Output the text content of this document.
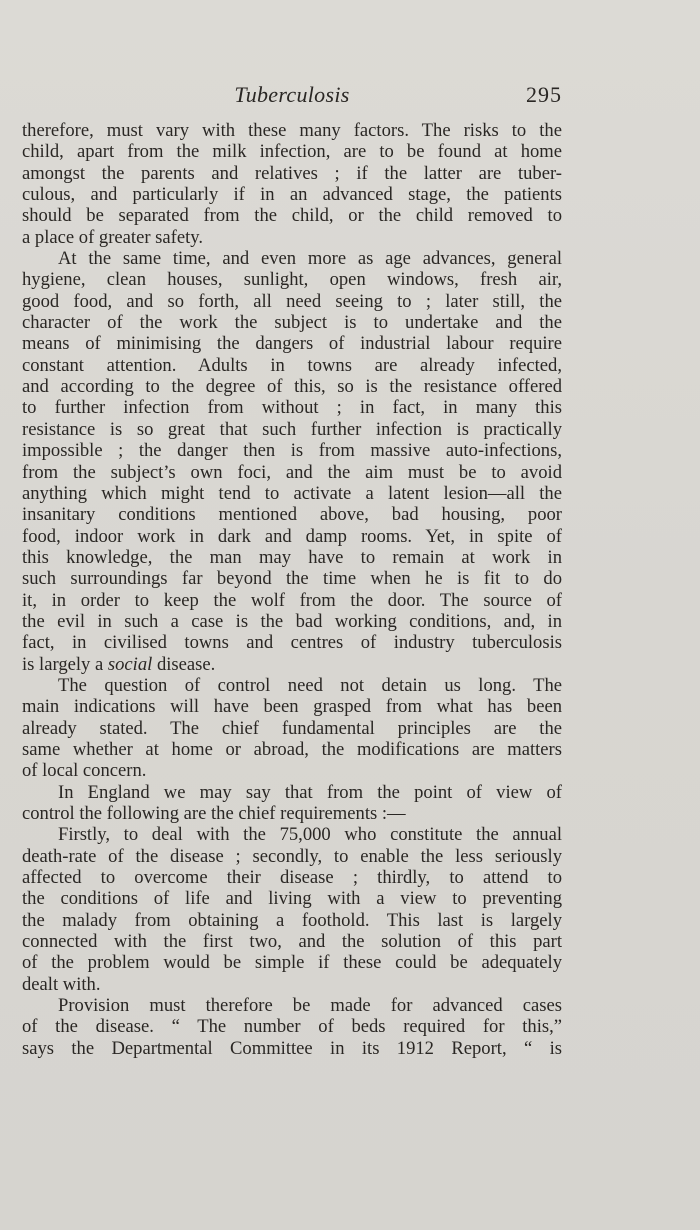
Tuberculosis	295
therefore, must vary with these many factors. The risks to the
child, apart from the milk infection, are to be found at home
amongst the parents and relatives ; if the latter are tuber-
culous, and particularly if in an advanced stage, the patients
should be separated from the child, or the child removed to
a place of greater safety.
At the same time, and even more as age advances, general
hygiene, clean houses, sunlight, open windows, fresh air,
good food, and so forth, all need seeing to ; later still, the
character of the work the subject is to undertake and the
means of minimising the dangers of industrial labour require
constant attention. Adults in towns are already infected,
and according to the degree of this, so is the resistance offered
to further infection from without ; in fact, in many this
resistance is so great that such further infection is practically
impossible ; the danger then is from massive auto-infections,
from the subject’s own foci, and the aim must be to avoid
anything which might tend to activate a latent lesion—all the
insanitary conditions mentioned above, bad housing, poor
food, indoor work in dark and damp rooms. Yet, in spite of
this knowledge, the man may have to remain at work in
such surroundings far beyond the time when he is fit to do
it, in order to keep the wolf from the door. The source of
the evil in such a case is the bad working conditions, and, in
fact, in civilised towns and centres of industry tuberculosis
is largely a social disease.
The question of control need not detain us long. The
main indications will have been grasped from what has been
already stated. The chief fundamental principles are the
same whether at home or abroad, the modifications are matters
of local concern.
In England we may say that from the point of view of
control the following are the chief requirements :—
Firstly, to deal with the 75,000 who constitute the annual
death-rate of the disease ; secondly, to enable the less seriously
affected to overcome their disease ; thirdly, to attend to
the conditions of life and living with a view to preventing
the malady from obtaining a foothold. This last is largely
connected with the first two, and the solution of this part
of the problem would be simple if these could be adequately
dealt with.
Provision must therefore be made for advanced cases
of the disease. “ The number of beds required for this,”
says the Departmental Committee in its 1912 Report, “ is
